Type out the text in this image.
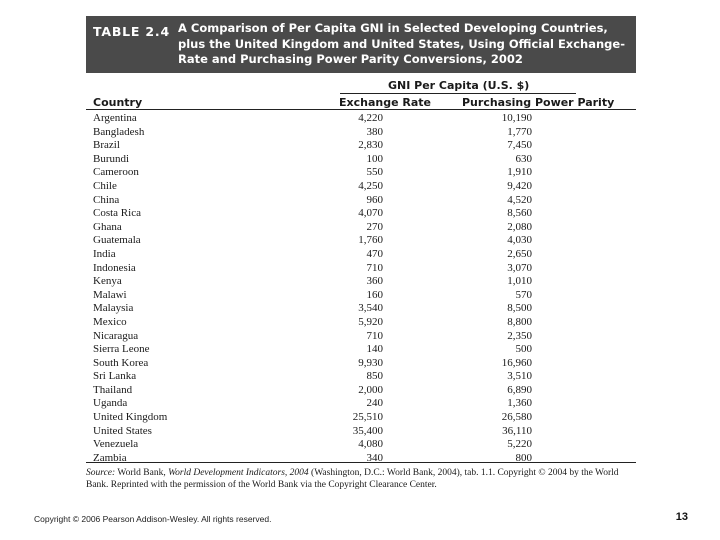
TABLE 2.4 A Comparison of Per Capita GNI in Selected Developing Countries, plus the United Kingdom and United States, Using Official Exchange-Rate and Purchasing Power Parity Conversions, 2002
GNI Per Capita (U.S. $)
Country	Exchange Rate	Purchasing Power Parity
Argentina	4,220	10,190
Bangladesh	380	1,770
Brazil	2,830	7,450
Burundi	100	630
Cameroon	550	1,910
Chile	4,250	9,420
China	960	4,520
Costa Rica	4,070	8,560
Ghana	270	2,080
Guatemala	1,760	4,030
India	470	2,650
Indonesia	710	3,070
Kenya	360	1,010
Malawi	160	570
Malaysia	3,540	8,500
Mexico	5,920	8,800
Nicaragua	710	2,350
Sierra Leone	140	500
South Korea	9,930	16,960
Sri Lanka	850	3,510
Thailand	2,000	6,890
Uganda	240	1,360
United Kingdom	25,510	26,580
United States	35,400	36,110
Venezuela	4,080	5,220
Zambia	340	800
Source: World Bank, World Development Indicators, 2004 (Washington, D.C.: World Bank, 2004), tab. 1.1. Copyright © 2004 by the World Bank. Reprinted with the permission of the World Bank via the Copyright Clearance Center.
Copyright © 2006 Pearson Addison-Wesley. All rights reserved.	13
